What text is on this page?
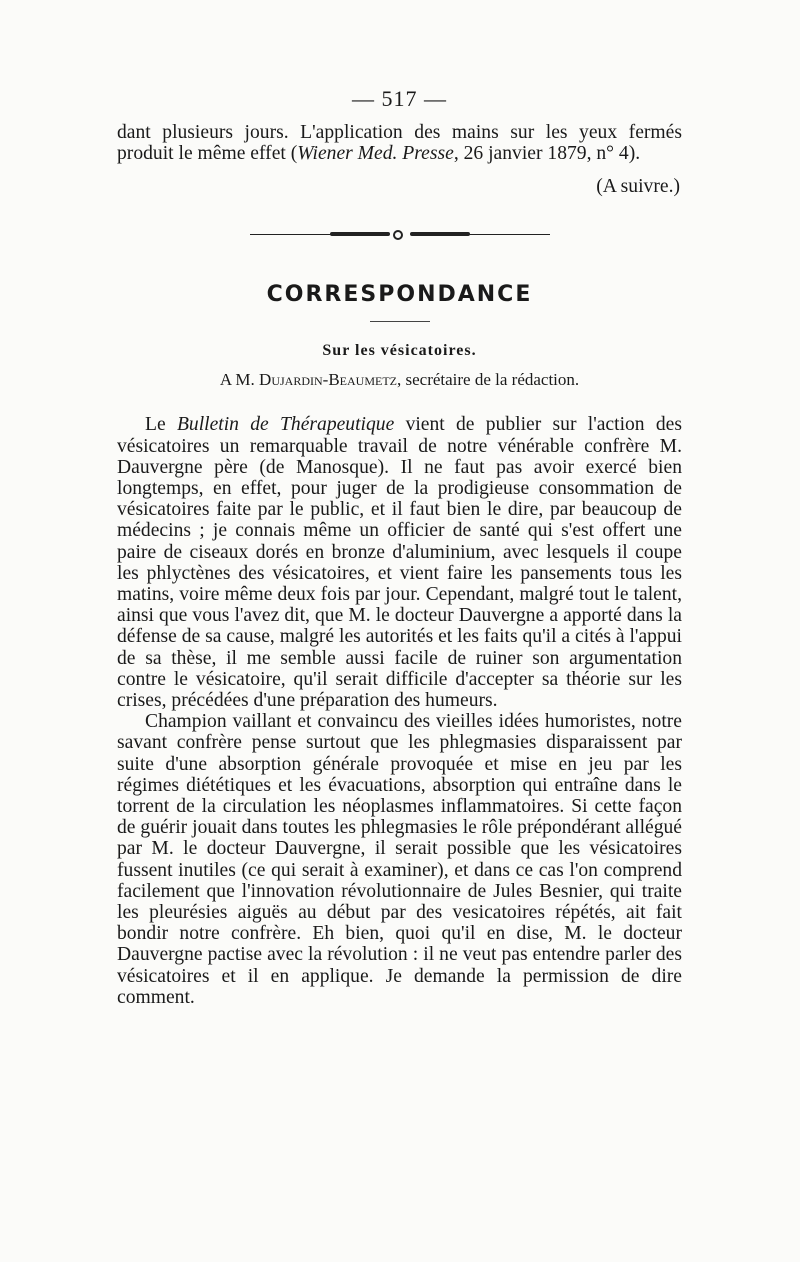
— 517 —

dant plusieurs jours. L'application des mains sur les yeux fermés produit le même effet (Wiener Med. Presse, 26 janvier 1879, n° 4).

(A suivre.)
CORRESPONDANCE
Sur les vésicatoires.
A M. Dujardin-Beaumetz, secrétaire de la rédaction.

Le Bulletin de Thérapeutique vient de publier sur l'action des vésicatoires un remarquable travail de notre vénérable confrère M. Dauvergne père (de Manosque). Il ne faut pas avoir exercé bien longtemps, en effet, pour juger de la prodigieuse consommation de vésicatoires faite par le public, et il faut bien le dire, par beaucoup de médecins ; je connais même un officier de santé qui s'est offert une paire de ciseaux dorés en bronze d'aluminium, avec lesquels il coupe les phlyctènes des vésicatoires, et vient faire les pansements tous les matins, voire même deux fois par jour. Cependant, malgré tout le talent, ainsi que vous l'avez dit, que M. le docteur Dauvergne a apporté dans la défense de sa cause, malgré les autorités et les faits qu'il a cités à l'appui de sa thèse, il me semble aussi facile de ruiner son argumentation contre le vésicatoire, qu'il serait difficile d'accepter sa théorie sur les crises, précédées d'une préparation des humeurs.

Champion vaillant et convaincu des vieilles idées humoristes, notre savant confrère pense surtout que les phlegmasies disparaissent par suite d'une absorption générale provoquée et mise en jeu par les régimes diététiques et les évacuations, absorption qui entraîne dans le torrent de la circulation les néoplasmes inflammatoires. Si cette façon de guérir jouait dans toutes les phlegmasies le rôle prépondérant allégué par M. le docteur Dauvergne, il serait possible que les vésicatoires fussent inutiles (ce qui serait à examiner), et dans ce cas l'on comprend facilement que l'innovation révolutionnaire de Jules Besnier, qui traite les pleurésies aiguës au début par des vesicatoires répétés, ait fait bondir notre confrère. Eh bien, quoi qu'il en dise, M. le docteur Dauvergne pactise avec la révolution : il ne veut pas entendre parler des vésicatoires et il en applique. Je demande la permission de dire comment.
